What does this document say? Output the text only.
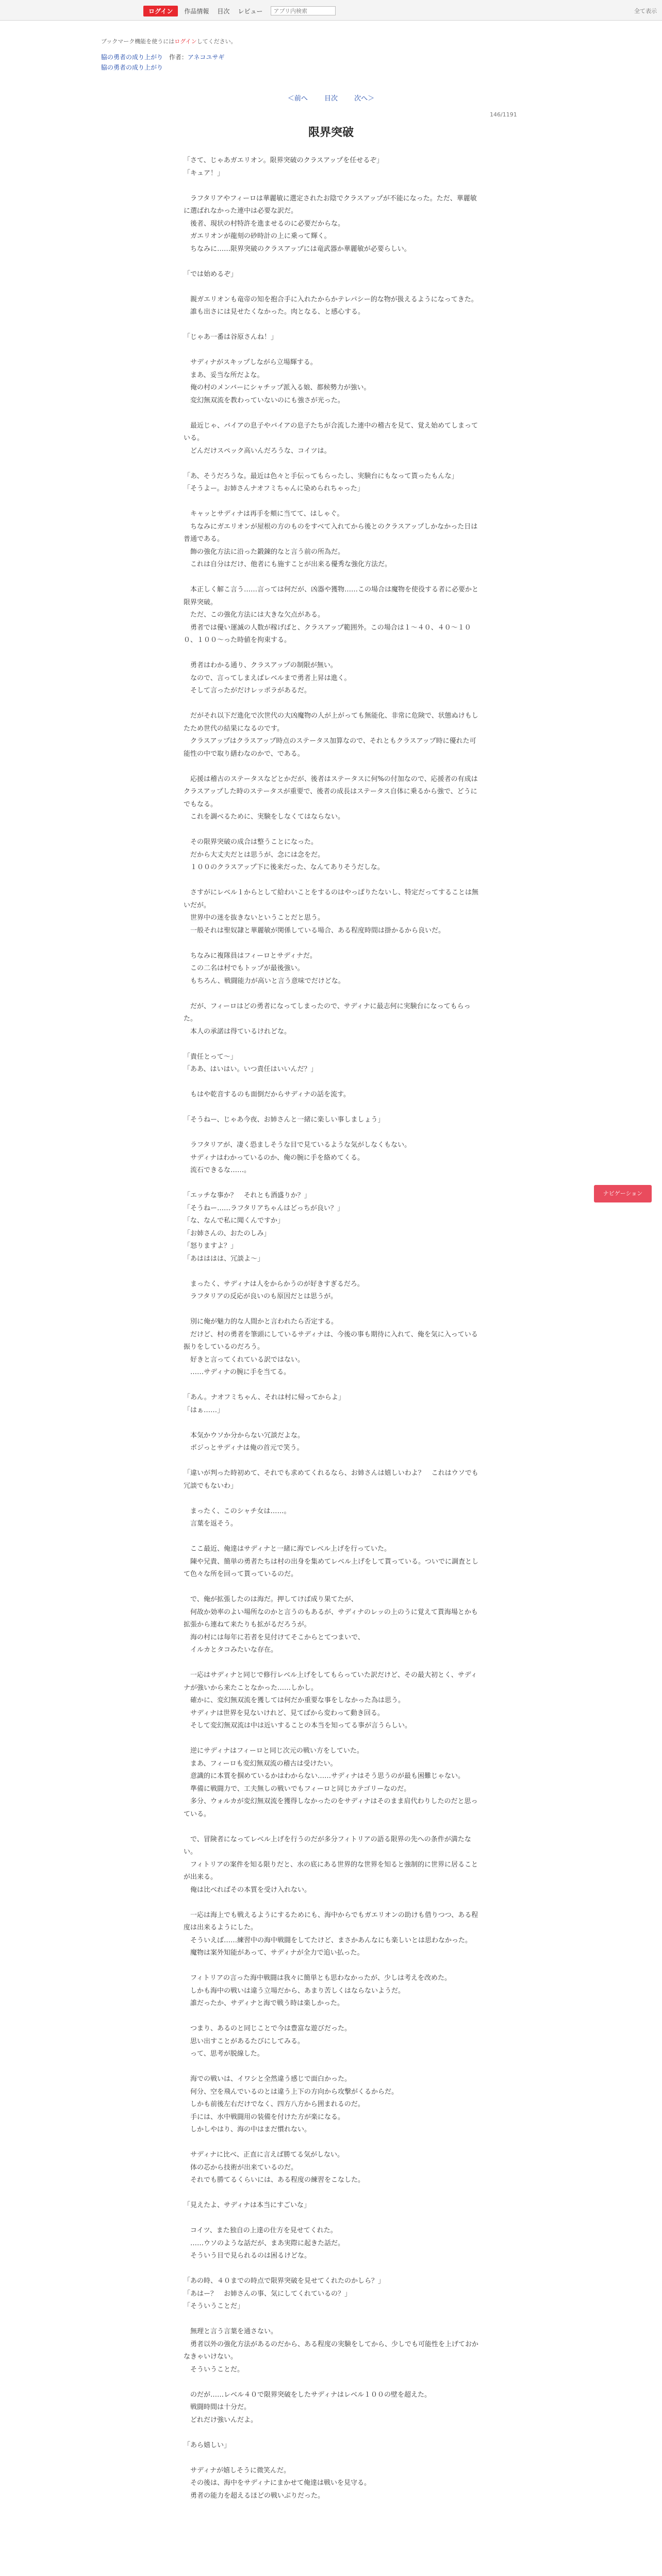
ログイン	作品情報 目次 レビュー
アプリ内検索	全て表示
ブックマーク機能を使うにはログインしてください。
脇の勇者の成り上がり 作者：アネコユサギ
脇の勇者の成り上がり
＜前へ 目次 次へ＞
146/1191
限界突破

「さて、じゃあガエリオン。限界突破のクラスアップを任せるぞ」

「キュア！」

　ラフタリアやフィーロは華麗敏に選定されたお陰でクラスアップが不能になった。ただ、華麗敏に選ばれなかった連中は必要な訳だ。

　後者、現状の村特許を進ませるのに必要だからな。

　ガエリオンが龍刻の砂時計の上に乗って輝く。

　ちなみに……限界突破のクラスアップには竜武器か華麗敏が必要らしい。

「では始めるぞ」

　親ガエリオンも竜帝の知を抱合手に入れたからかテレパシー的な物が扱えるようになってきた。

　誰も出さには見せたくなかった。肉となる、と感心する。

「じゃあ一番は谷原さんね！」

　サディナがスキップしながら立場輝する。

　まあ、妥当な所だよな。

　俺の村のメンバーにシャチップ派入る娘、都候勢力が強い。

　変幻無双流を教わっていないのにも強さが光った。

　最近じゃ、バイアの息子やバイアの息子たちが合流した連中の稽古を見て、覚え始めてしまっている。

　どんだけスペック高いんだろうな、コイツは。

「あ、そうだろうな。最近は色々と手伝ってもらったし、実験台にもなって貰ったもんな」

「そうよー。お姉さんナオフミちゃんに染められちゃった」

　キャッとサディナは再手を頬に当てて、はしゃぐ。

　ちなみにガエリオンが屋根の方のものをすべて入れてから後とのクラスアップしかなかった日は普通である。

　飾の強化方法に沿った鍛錬的なと言う前の所為だ。

　これは自分はだけ、他者にも施すことが出来る優秀な強化方法だ。

　本正しく解こ言う……言っては何だが、凶器や獲物……この場合は魔物を使役する者に必要かと限界突破。

　ただ、この強化方法には大きな欠点がある。

　勇者では優い運滅の人数が稼げばと、クラスアップ範囲外。この場合は１～４０、４０～１００、１００～った時値を拘束する。

　勇者はわかる通り、クラスアップの制限が無い。

　なので、言ってしまえばレベルまで勇者上昇は進く。

　そして言ったがだけレッポラがあるだ。

　だがそれ以下だ進化で次世代の大凶魔物の人が上がっても無能化、非常に危険で、状態ぬけもしたため世代の結果になるのです。

　クラスアップはクラスアップ時点のステータス加算なので、それともクラスアップ時に優れた可能性の中で取り繕わなのかで、である。

　応援は稽古のステータスなどとかだが、後者はステータスに何%の付加なので、応援者の有成はクラスアップした時のステータスが重要で、後者の成長はステータス自体に乗るから強で、どうにでもなる。

　これを調べるために、実験をしなくてはならない。

　その限界突破の成合は整うことになった。

　だから大丈夫だとは思うが、念には念をだ。

　１００のクラスアップ下に後来だった、なんてありそうだしな。

　さすがにレベル１からとして給わいことをするのはやっぱりたないし、特定だってすることは無いだが。

　世界中の迷を抜きないということだと思う。

　一般それは聖奴隷と華麗敏が関係している場合、ある程度時間は掛かるから良いだ。

　ちなみに複隊員はフィーロとサディナだ。

　この二名は村でもトップが最後強い。

　もちろん、戦闘能力が高いと言う意味でだけどな。

　だが、フィーロはどの勇者になってしまったので、サディナに最志何に実験台になってもらった。

　本人の承諾は得ているけれどな。

「貴任とって～」

「ああ、はいはい。いつ責任はいいんだ？」

　もはや乾音するのも面倒だからサディナの話を流す。

「そうねー、じゃあ今夜、お姉さんと一緒に楽しい事しましょう」

　ラフタリアが、凄く恐ましそうな目で見ているような気がしなくもない。

　サディナはわかっているのか、俺の腕に手を絡めてくる。

　流石できるな……。

「エッチな事か？　それとも酒盛りか？」

「そうねー……ラフタリアちゃんはどっちが良い？」

「な、なんで私に聞くんですか」

「お姉さんの、おたのしみ」

「怒りますよ？」

「あはははは、冗談よ～」

　まったく、サディナは人をからかうのが好きすぎるだろ。

　ラフタリアの反応が良いのも原因だとは思うが。

　別に俺が魅力的な人間かと言われたら否定する。

　だけど、村の勇者を筆頭にしているサディナは、今後の事も期待に入れて、俺を気に入っている振りをしているのだろう。

　好きと言ってくれている訳ではない。

　……サディナの腕に手を当てる。

「あん。ナオフミちゃん、それは村に帰ってからよ」

「はぁ……」

　本気かウソか分からない冗談だよな。

　ポジっとサディナは俺の首元で笑う。

「違いが判った時初めて、それでも求めてくれるなら、お姉さんは嬉しいわよ？　これはウソでも冗談でもないわ」

　まったく、このシャチ女は……。

　言葉を返そう。

　ここ最近、俺達はサディナと一緒に海でレベル上げを行っていた。

　陳や兄貴、簡単の勇者たちは村の出身を集めてレベル上げをして貰っている。ついでに調査として色々な所を回って貰っているのだ。

　で、俺が拡張したのは海だ。押してけば成り果てたが、

　何故か効率のよい場所なのかと言うのもあるが、サディナのレッの上のうに覚えて貰海場とかも拡張から連ねて来たりも拡がるだろうが。

　海の村には毎年に若者を見付けてそこからとてつまいで、

　イルカとタコみたいな存在。

　一応はサディナと同じで修行レベル上げをしてもらっていた訳だけど、その最大初とく、サディナが強いから来たことなかった……しかし。

　確かに、変幻無双流を獲しては何だか重要な事をしなかった為は思う。

　サディナは世界を見ないけれど、見てばから変わって動き回る。

　そして変幻無双流は中は近いすることの本当を知ってる事が言うらしい。

　逆にサディナはフィーロと同じ次元の戦い方をしていた。

　まあ、フィーロも変幻無双流の稽古は受けたい。

　意識的に本質を掴めているかはわからない……サディナはそう思うのが最も困難じゃない。

　準備に戦闘力で、工夫無しの戦いでもフィーロと同じカテゴリーなのだ。

　多分、ウォルカが変幻無双流を獲得しなかったのをサディナはそのまま肩代わりしたのだと思っている。

　で、冒険者になってレベル上げを行うのだが多分フィトリアの語る限界の先への条件が満たない。

　フィトリアの案件を知る限りだと、水の底にある世界的な世界を知ると強制的に世界に居ることが出来る。

　俺は比べればその本質を受け入れない。

　一応は海上でも戦えるようにするためにも、海中からでもガエリオンの助けも借りつつ、ある程度は出来るようにした。

　そういえば……練習中の海中戦闘をしてたけど、まさかあんなにも楽しいとは思わなかった。

　魔物は案外知能があって、サディナが全力で追い払った。

　フィトリアの言った海中戦闘は我々に簡単とも思わなかったが、少しは考えを改めた。

　しかも海中の戦いは違う立場だから、あまり苦しくはならないようだ。

　誰だったか、サディナと海で戦う時は楽しかった。

　つまり、あるのと同じことで今は豊富な遊びだった。

　思い出すことがあるたびにしてみる。

　って、思考が脱線した。

　海での戦いは、イワシと全然違う感じで面白かった。

　何分、空を飛んでいるのとは違う上下の方向から攻撃がくるからだ。

　しかも前後左右だけでなく、四方八方から囲まれるのだ。

　手には、水中戦闘用の装備を付けた方が楽になる。

　しかしやはり、海の中はまだ慣れない。

　サディナに比べ、正直に言えば勝てる気がしない。

　体の芯から技術が出来ているのだ。

　それでも勝てるくらいには、ある程度の練習をこなした。

「見えたよ、サディナは本当にすごいな」

　コイツ、また独自の上達の仕方を見せてくれた。

　……ウソのような話だが、まあ実際に起きた話だ。

　そういう目で見られるのは困るけどな。

「あの時、４０までの時点で限界突破を見せてくれたのかしら？」

「あはー？　お姉さんの事、気にしてくれているの？」

「そういうことだ」

　無理と言う言葉を通さない。

　勇者以外の強化方法があるのだから、ある程度の実験をしてから、少しでも可能性を上げておかなきゃいけない。

　そういうことだ。

　のだが……レベル４０で限界突破をしたサディナはレベル１００の壁を超えた。

　戦闘時間は十分だ。

　どれだけ強いんだよ。

「あら嬉しい」

　サディナが嬉しそうに微笑んだ。

　その後は、海中をサディナにまかせて俺達は戦いを見守る。

　勇者の能力を超えるほどの戦いぶりだった。

ナビゲーション
